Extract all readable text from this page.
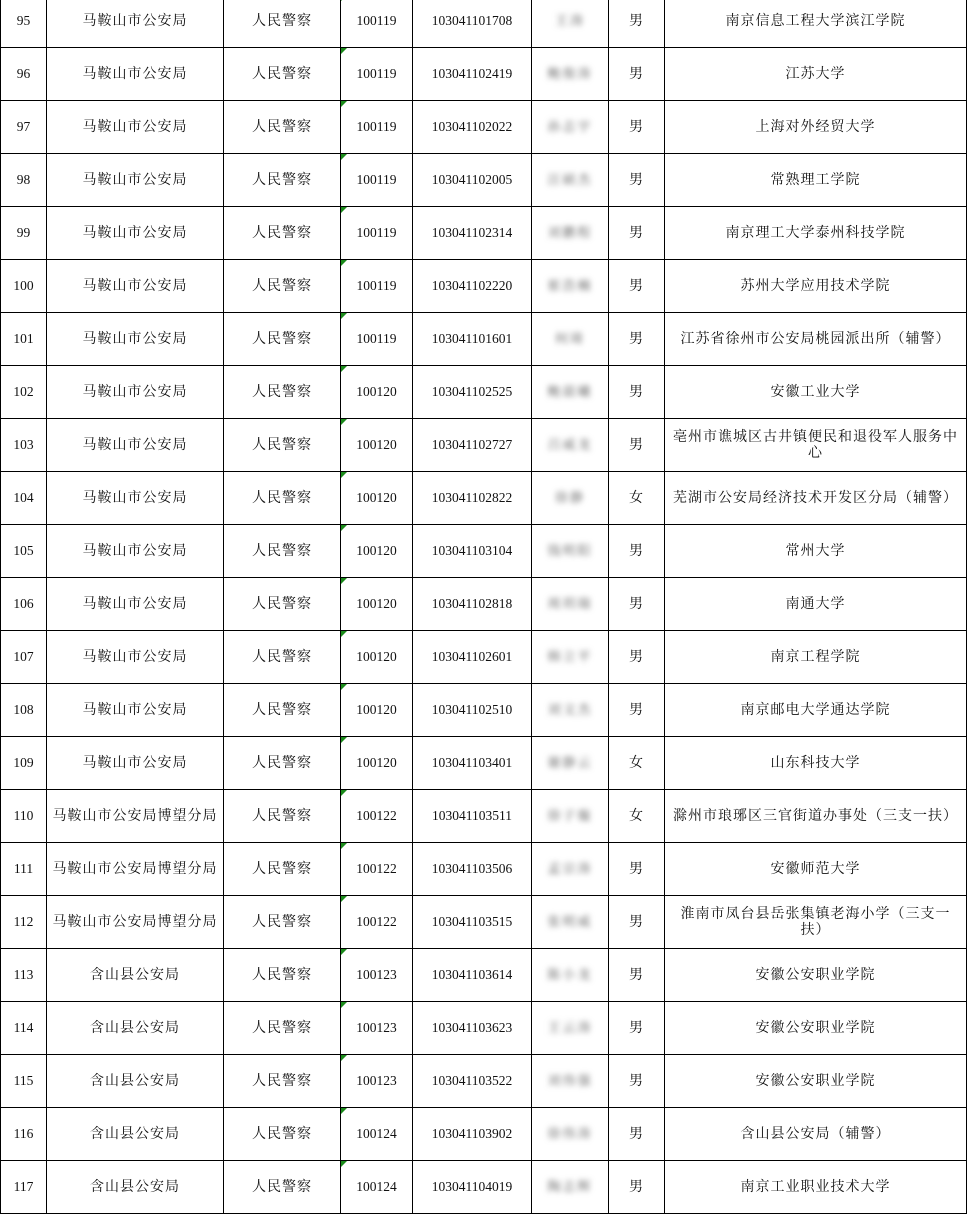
95	马鞍山市公安局	人民警察	100119	103041101708	王涛	男	南京信息工程大学滨江学院
96	马鞍山市公安局	人民警察	100119	103041102419	鲍俊涛	男	江苏大学
97	马鞍山市公安局	人民警察	100119	103041102022	孙志宇	男	上海对外经贸大学
98	马鞍山市公安局	人民警察	100119	103041102005	汪硕杰	男	常熟理工学院
99	马鞍山市公安局	人民警察	100119	103041102314	刘鹏程	男	南京理工大学泰州科技学院
100	马鞍山市公安局	人民警察	100119	103041102220	崔浩楠	男	苏州大学应用技术学院
101	马鞍山市公安局	人民警察	100119	103041101601	何琦	男	江苏省徐州市公安局桃园派出所（辅警）
102	马鞍山市公安局	人民警察	100120	103041102525	鲍晨曦	男	安徽工业大学
103	马鞍山市公安局	人民警察	100120	103041102727	吕威龙	男	亳州市谯城区古井镇便民和退役军人服务中心
104	马鞍山市公安局	人民警察	100120	103041102822	徐静	女	芜湖市公安局经济技术开发区分局（辅警）
105	马鞍山市公安局	人民警察	100120	103041103104	钱明阳	男	常州大学
106	马鞍山市公安局	人民警察	100120	103041102818	周玥瑞	男	南通大学
107	马鞍山市公安局	人民警察	100120	103041102601	韩立平	男	南京工程学院
108	马鞍山市公安局	人民警察	100120	103041102510	刘文杰	男	南京邮电大学通达学院
109	马鞍山市公安局	人民警察	100120	103041103401	谢静云	女	山东科技大学
110	马鞍山市公安局博望分局	人民警察	100122	103041103511	徐子璇	女	滁州市琅琊区三官街道办事处（三支一扶）
111	马鞍山市公安局博望分局	人民警察	100122	103041103506	孟宗涛	男	安徽师范大学
112	马鞍山市公安局博望分局	人民警察	100122	103041103515	张明威	男	淮南市凤台县岳张集镇老海小学（三支一扶）
113	含山县公安局	人民警察	100123	103041103614	陈小龙	男	安徽公安职业学院
114	含山县公安局	人民警察	100123	103041103623	王云涛	男	安徽公安职业学院
115	含山县公安局	人民警察	100123	103041103522	刘伟强	男	安徽公安职业学院
116	含山县公安局	人民警察	100124	103041103902	徐伟涛	男	含山县公安局（辅警）
117	含山县公安局	人民警察	100124	103041104019	陶志辉	男	南京工业职业技术大学
